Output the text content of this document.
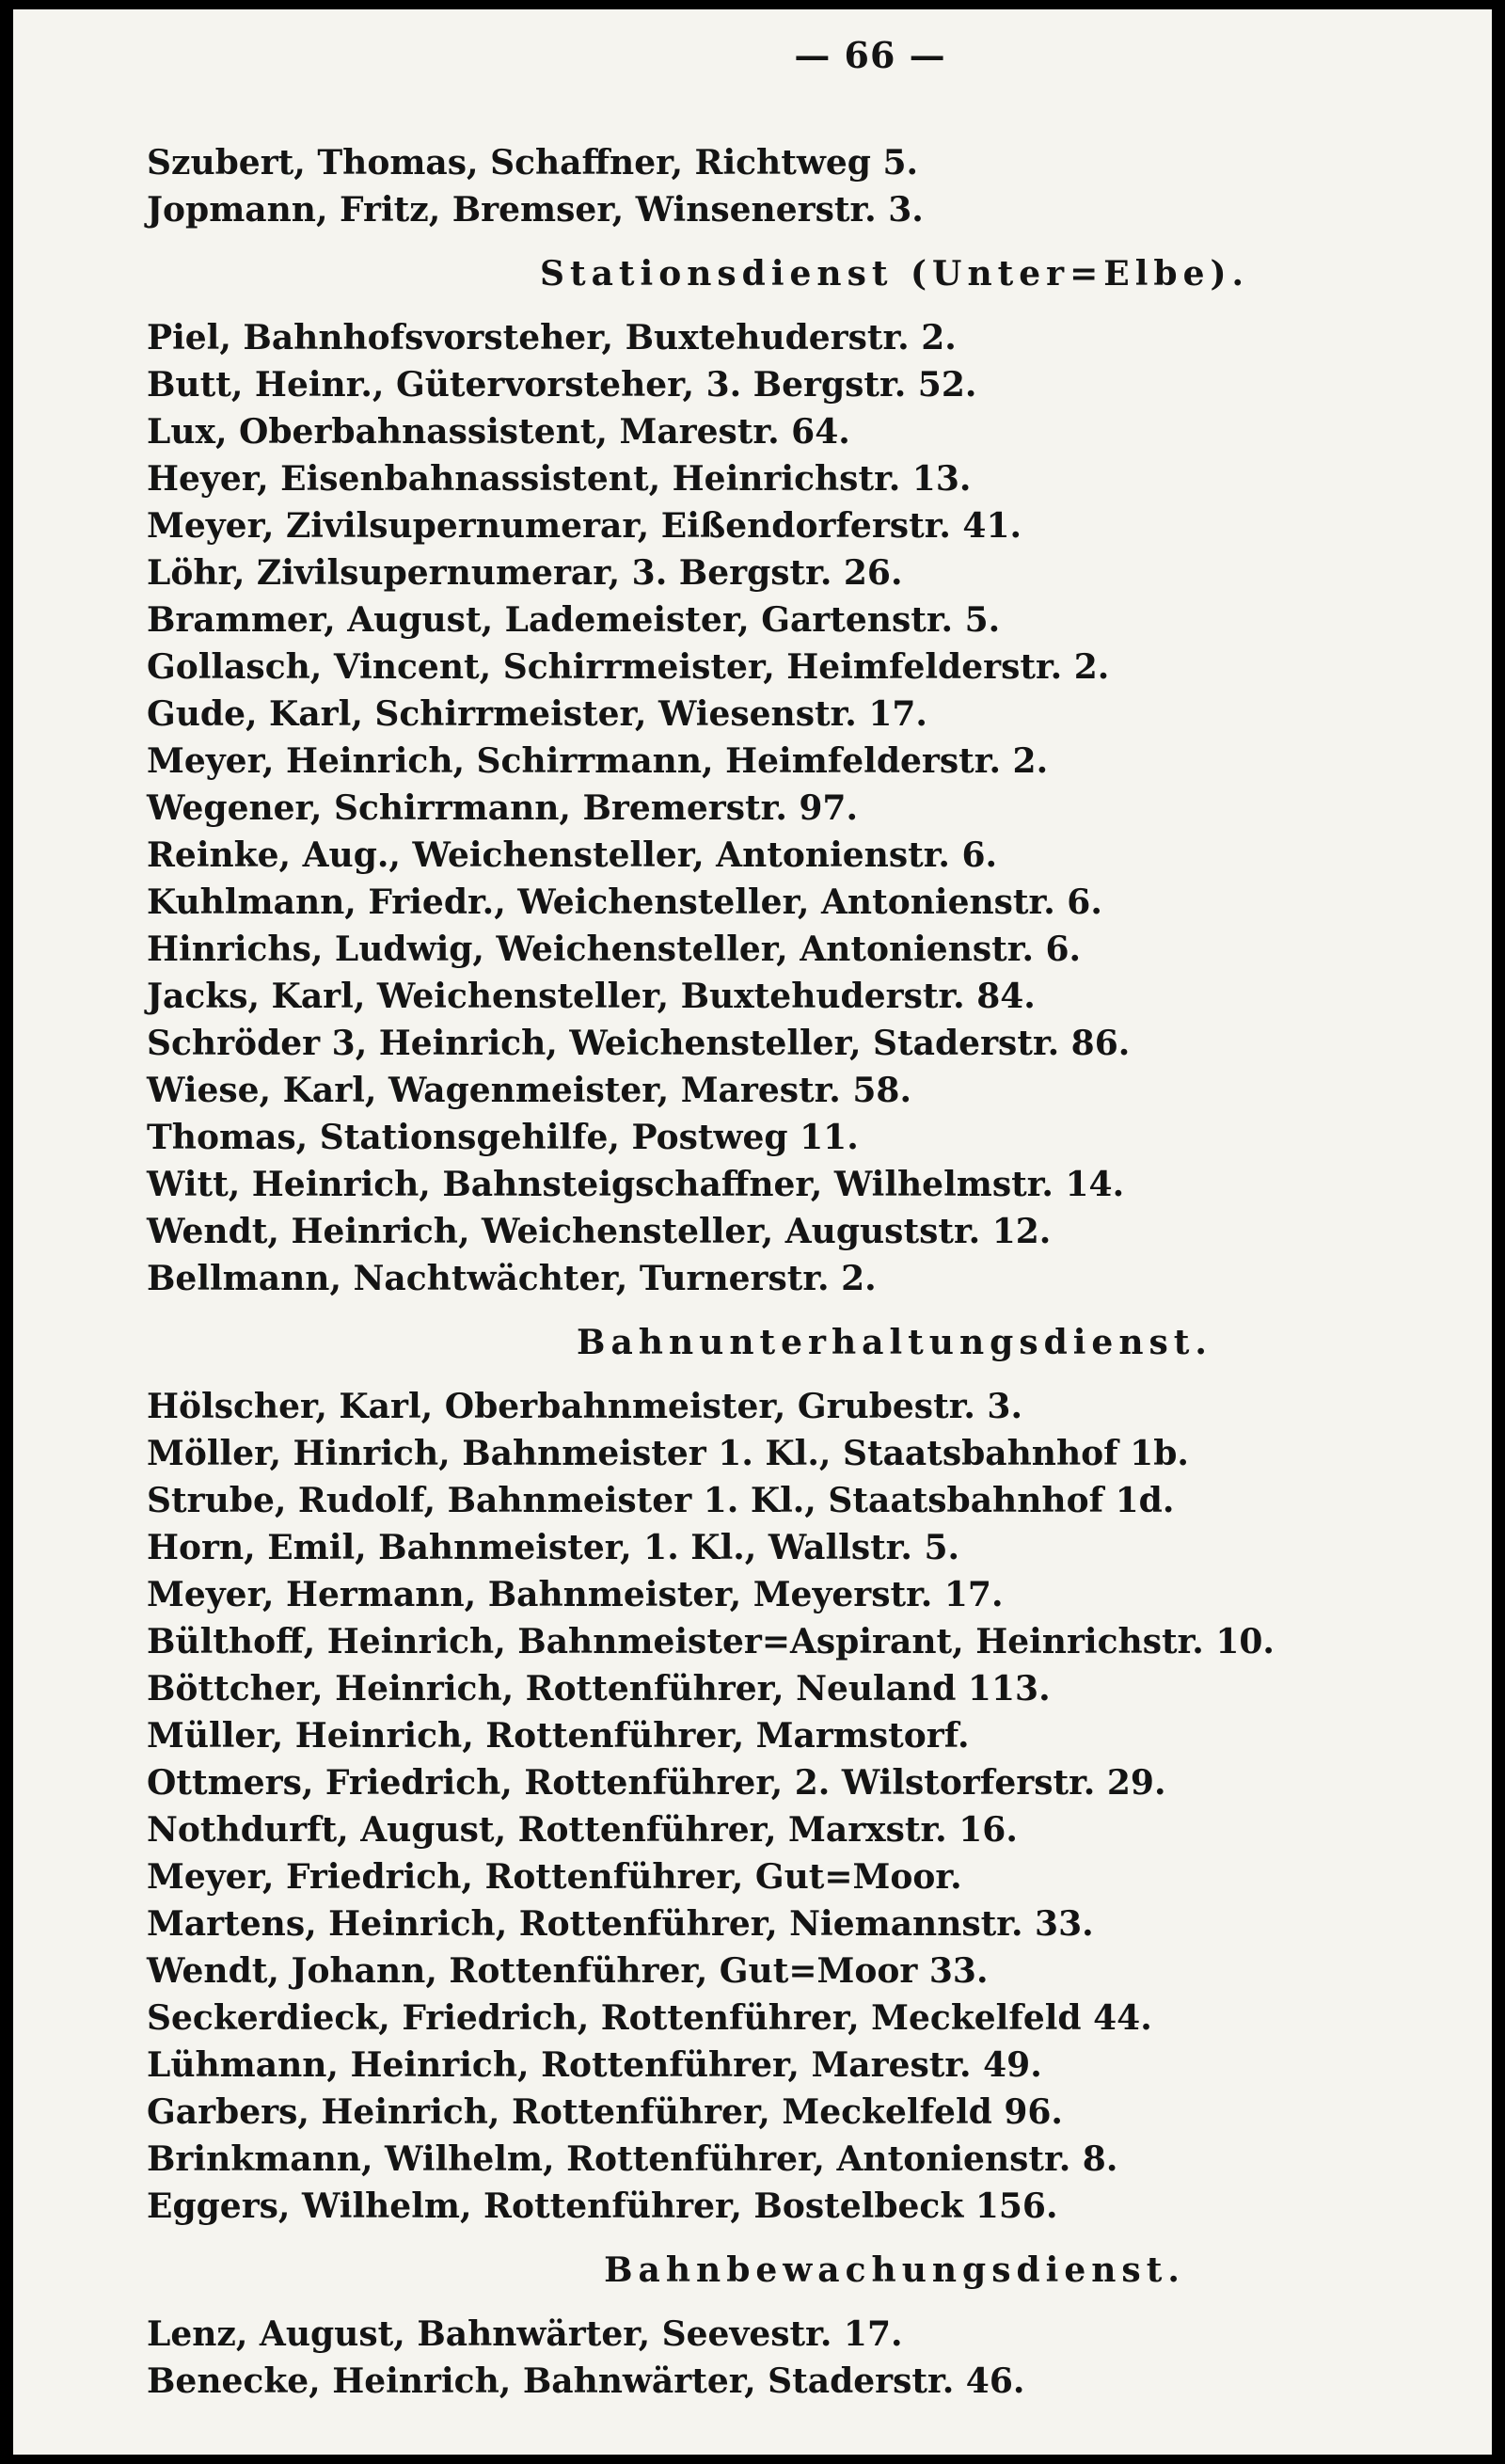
— 66 —
Szubert, Thomas, Schaffner, Richtweg 5.
Jopmann, Fritz, Bremser, Winsenerstr. 3.
Stationsdienst (Unter=Elbe).
Piel, Bahnhofsvorsteher, Buxtehuderstr. 2.
Butt, Heinr., Gütervorsteher, 3. Bergstr. 52.
Lux, Oberbahnassistent, Marestr. 64.
Heyer, Eisenbahnassistent, Heinrichstr. 13.
Meyer, Zivilsupernumerar, Eißendorferstr. 41.
Löhr, Zivilsupernumerar, 3. Bergstr. 26.
Brammer, August, Lademeister, Gartenstr. 5.
Gollasch, Vincent, Schirrmeister, Heimfelderstr. 2.
Gude, Karl, Schirrmeister, Wiesenstr. 17.
Meyer, Heinrich, Schirrmann, Heimfelderstr. 2.
Wegener, Schirrmann, Bremerstr. 97.
Reinke, Aug., Weichensteller, Antonienstr. 6.
Kuhlmann, Friedr., Weichensteller, Antonienstr. 6.
Hinrichs, Ludwig, Weichensteller, Antonienstr. 6.
Jacks, Karl, Weichensteller, Buxtehuderstr. 84.
Schröder 3, Heinrich, Weichensteller, Staderstr. 86.
Wiese, Karl, Wagenmeister, Marestr. 58.
Thomas, Stationsgehilfe, Postweg 11.
Witt, Heinrich, Bahnsteigschaffner, Wilhelmstr. 14.
Wendt, Heinrich, Weichensteller, Auguststr. 12.
Bellmann, Nachtwächter, Turnerstr. 2.
Bahnunterhaltungsdienst.
Hölscher, Karl, Oberbahnmeister, Grubestr. 3.
Möller, Hinrich, Bahnmeister 1. Kl., Staatsbahnhof 1b.
Strube, Rudolf, Bahnmeister 1. Kl., Staatsbahnhof 1d.
Horn, Emil, Bahnmeister, 1. Kl., Wallstr. 5.
Meyer, Hermann, Bahnmeister, Meyerstr. 17.
Bülthoff, Heinrich, Bahnmeister=Aspirant, Heinrichstr. 10.
Böttcher, Heinrich, Rottenführer, Neuland 113.
Müller, Heinrich, Rottenführer, Marmstorf.
Ottmers, Friedrich, Rottenführer, 2. Wilstorferstr. 29.
Nothdurft, August, Rottenführer, Marxstr. 16.
Meyer, Friedrich, Rottenführer, Gut=Moor.
Martens, Heinrich, Rottenführer, Niemannstr. 33.
Wendt, Johann, Rottenführer, Gut=Moor 33.
Seckerdieck, Friedrich, Rottenführer, Meckelfeld 44.
Lühmann, Heinrich, Rottenführer, Marestr. 49.
Garbers, Heinrich, Rottenführer, Meckelfeld 96.
Brinkmann, Wilhelm, Rottenführer, Antonienstr. 8.
Eggers, Wilhelm, Rottenführer, Bostelbeck 156.
Bahnbewachungsdienst.
Lenz, August, Bahnwärter, Seevestr. 17.
Benecke, Heinrich, Bahnwärter, Staderstr. 46.
